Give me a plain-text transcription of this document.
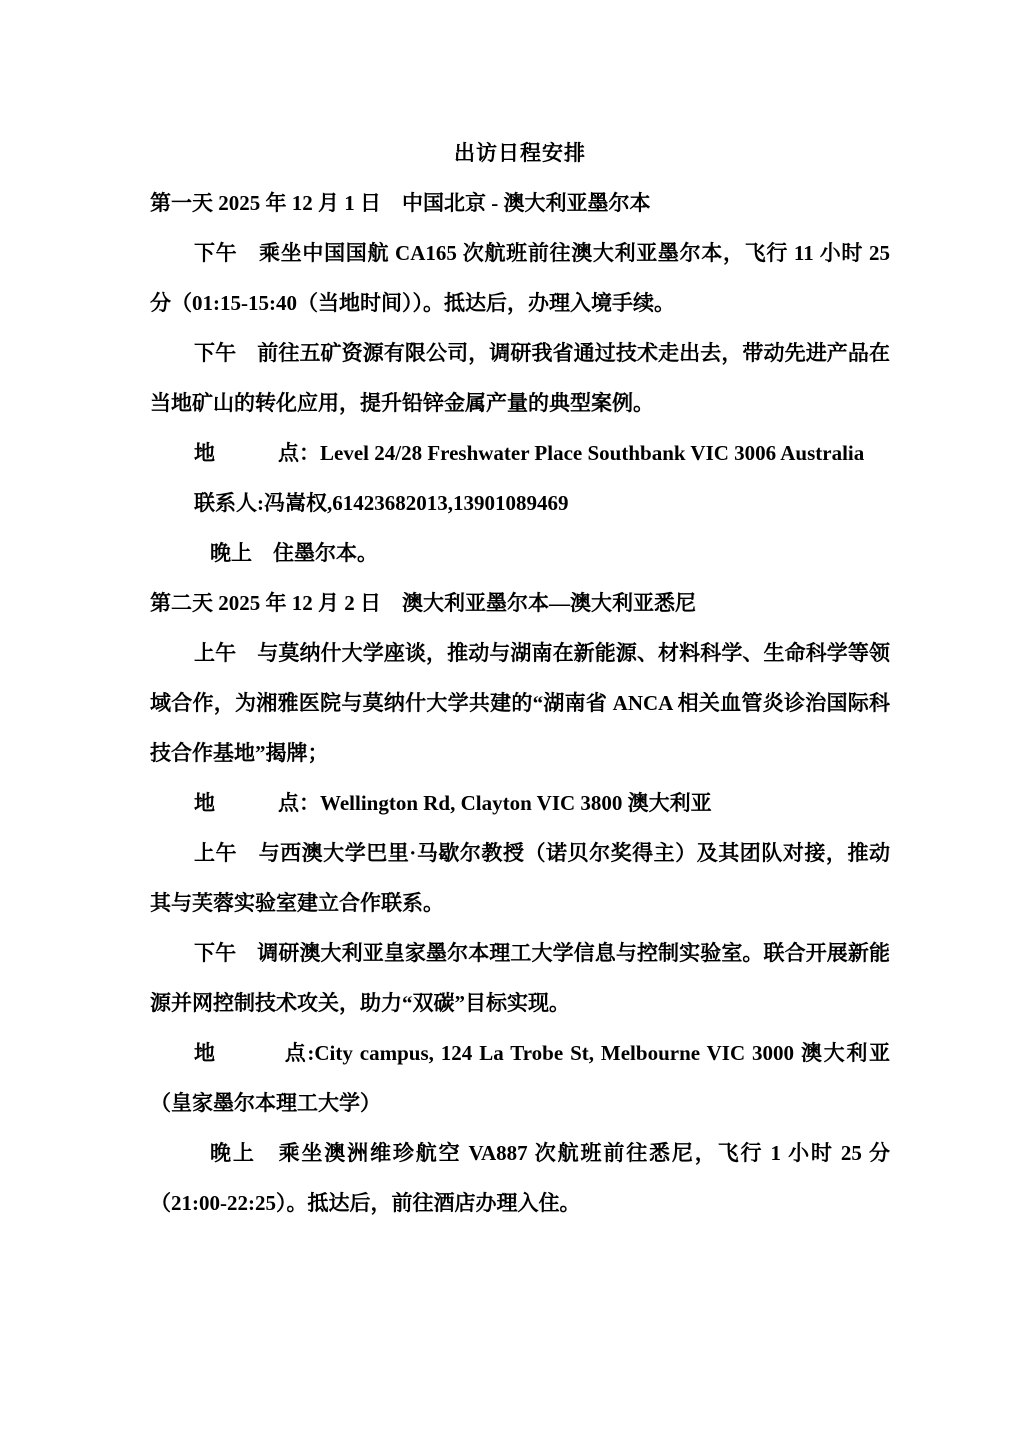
出访日程安排

第一天 2025 年 12 月 1 日　中国北京 - 澳大利亚墨尔本

下午　乘坐中国国航 CA165 次航班前往澳大利亚墨尔本，飞行 11 小时 25 分（01:15-15:40（当地时间））。抵达后，办理入境手续。

下午　前往五矿资源有限公司，调研我省通过技术走出去，带动先进产品在当地矿山的转化应用，提升铅锌金属产量的典型案例。

地　　　点：Level 24/28 Freshwater Place Southbank VIC 3006 Australia

联系人:冯嵩权,61423682013,13901089469

晚上　住墨尔本。

第二天 2025 年 12 月 2 日　澳大利亚墨尔本—澳大利亚悉尼

上午　与莫纳什大学座谈，推动与湖南在新能源、材料科学、生命科学等领域合作，为湘雅医院与莫纳什大学共建的“湖南省 ANCA 相关血管炎诊治国际科技合作基地”揭牌；

地　　　点：Wellington Rd, Clayton VIC 3800 澳大利亚

上午　与西澳大学巴里·马歇尔教授（诺贝尔奖得主）及其团队对接，推动其与芙蓉实验室建立合作联系。

下午　调研澳大利亚皇家墨尔本理工大学信息与控制实验室。联合开展新能源并网控制技术攻关，助力“双碳”目标实现。

地　　　点:City campus, 124 La Trobe St, Melbourne VIC 3000 澳大利亚（皇家墨尔本理工大学）

晚上　乘坐澳洲维珍航空 VA887 次航班前往悉尼，飞行 1 小时 25 分（21:00-22:25）。抵达后，前往酒店办理入住。
